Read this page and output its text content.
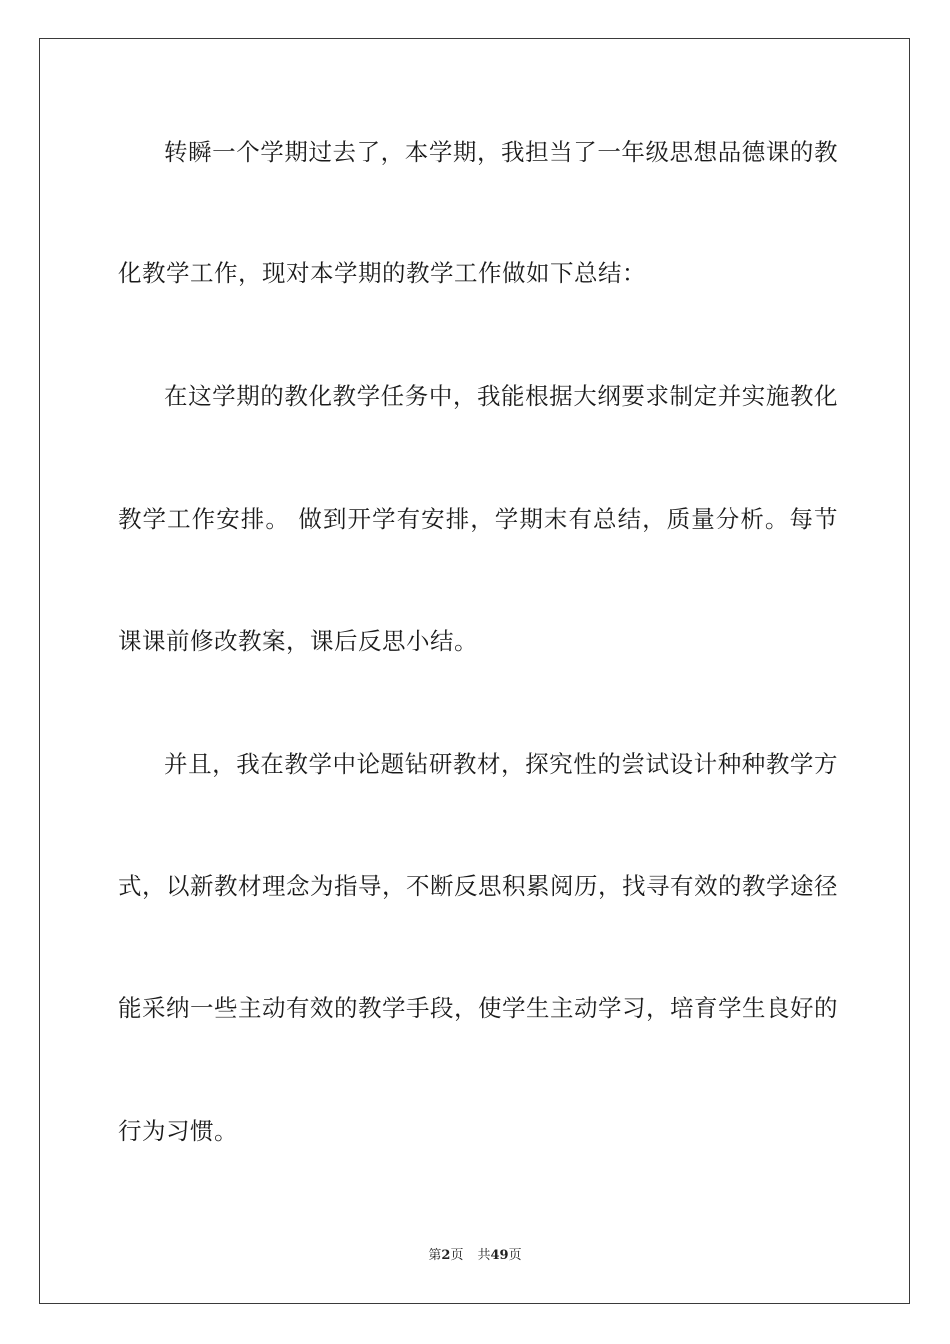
转瞬一个学期过去了，本学期，我担当了一年级思想品德课的教
化教学工作，现对本学期的教学工作做如下总结：
在这学期的教化教学任务中，我能根据大纲要求制定并实施教化
教学工作安排。 做到开学有安排，学期末有总结，质量分析。每节
课课前修改教案，课后反思小结。
并且，我在教学中论题钻研教材，探究性的尝试设计种种教学方
式，以新教材理念为指导，不断反思积累阅历，找寻有效的教学途径
能采纳一些主动有效的教学手段，使学生主动学习，培育学生良好的
行为习惯。
第2页 共49页
